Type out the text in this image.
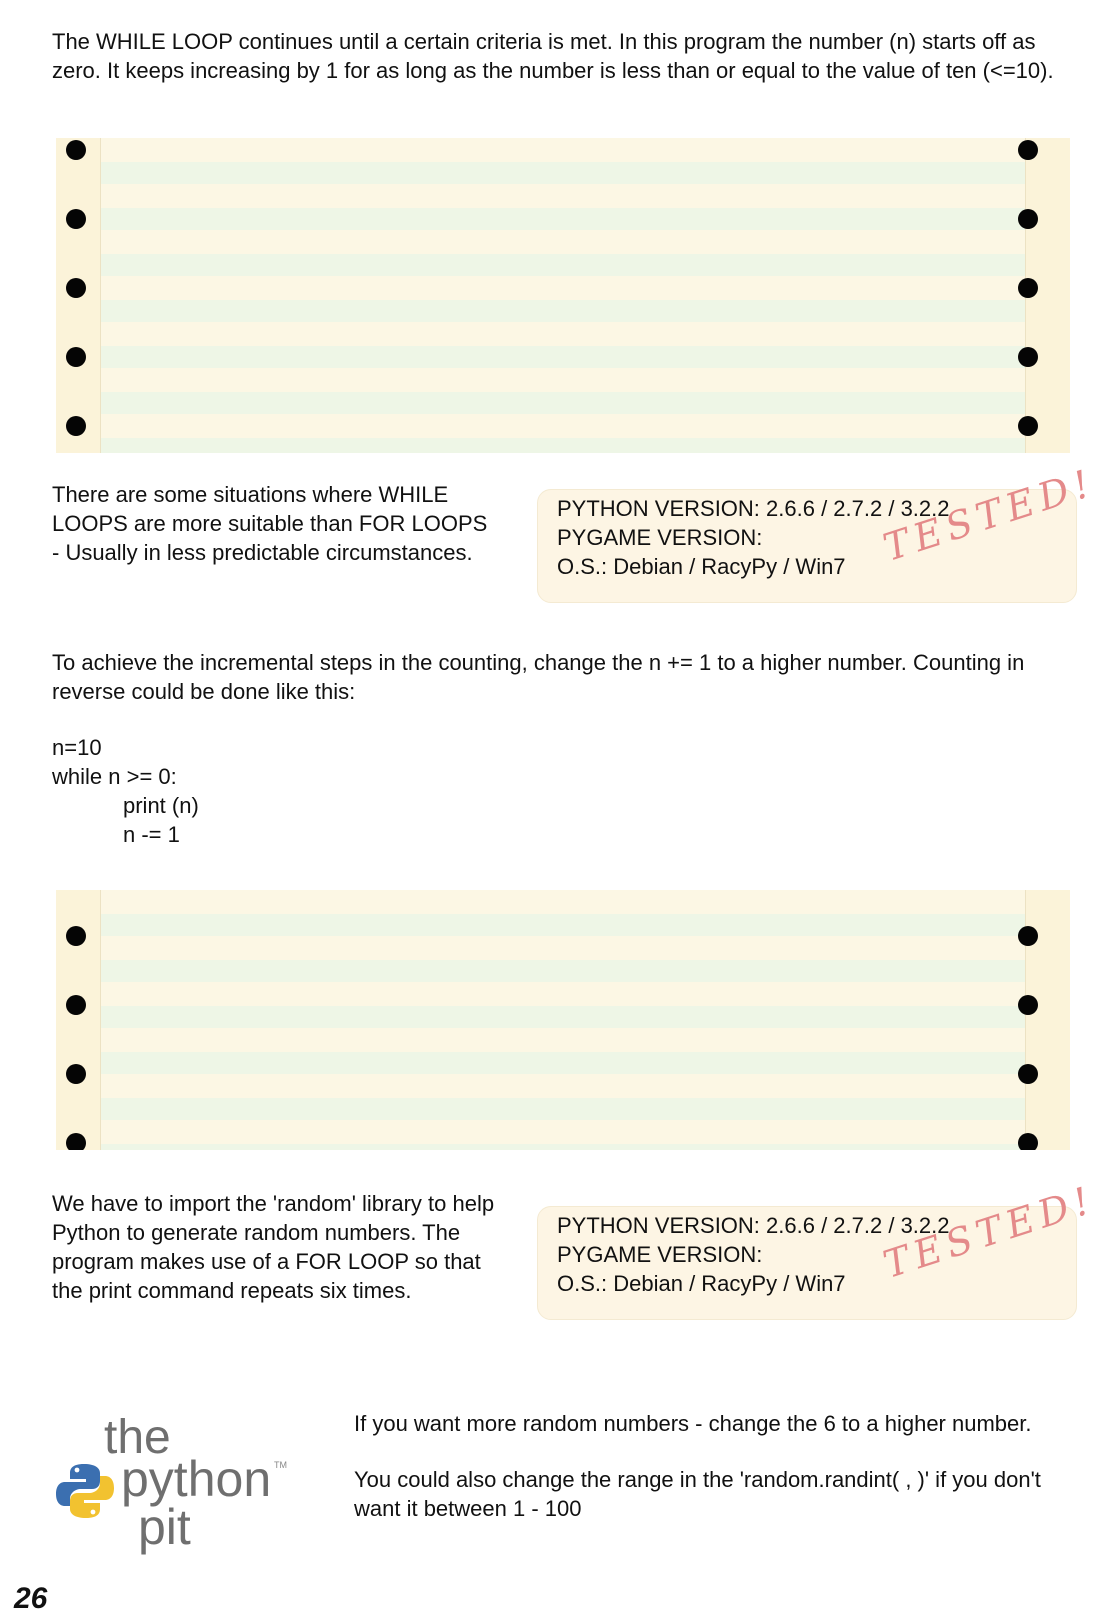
The WHILE LOOP continues until a certain criteria is met. In this program the number (n) starts off as zero. It keeps increasing by 1 for as long as the number is less than or equal to the value of ten (<=10).

There are some situations where WHILE LOOPS are more suitable than FOR LOOPS - Usually in less predictable circumstances.

PYTHON VERSION: 2.6.6 / 2.7.2 / 3.2.2
PYGAME VERSION:
O.S.: Debian / RacyPy / Win7 TESTED!

To achieve the incremental steps in the counting, change the n += 1 to a higher number. Counting in reverse could be done like this:

n=10
while n >= 0:
print (n)
n -= 1

We have to import the 'random' library to help Python to generate random numbers. The program makes use of a FOR LOOP so that the print command repeats six times.

PYTHON VERSION: 2.6.6 / 2.7.2 / 3.2.2
PYGAME VERSION:
O.S.: Debian / RacyPy / Win7 TESTED!
the
python TM
pit

If you want more random numbers - change the 6 to a higher number.

You could also change the range in the 'random.randint( , )' if you don't want it between 1 - 100

26
